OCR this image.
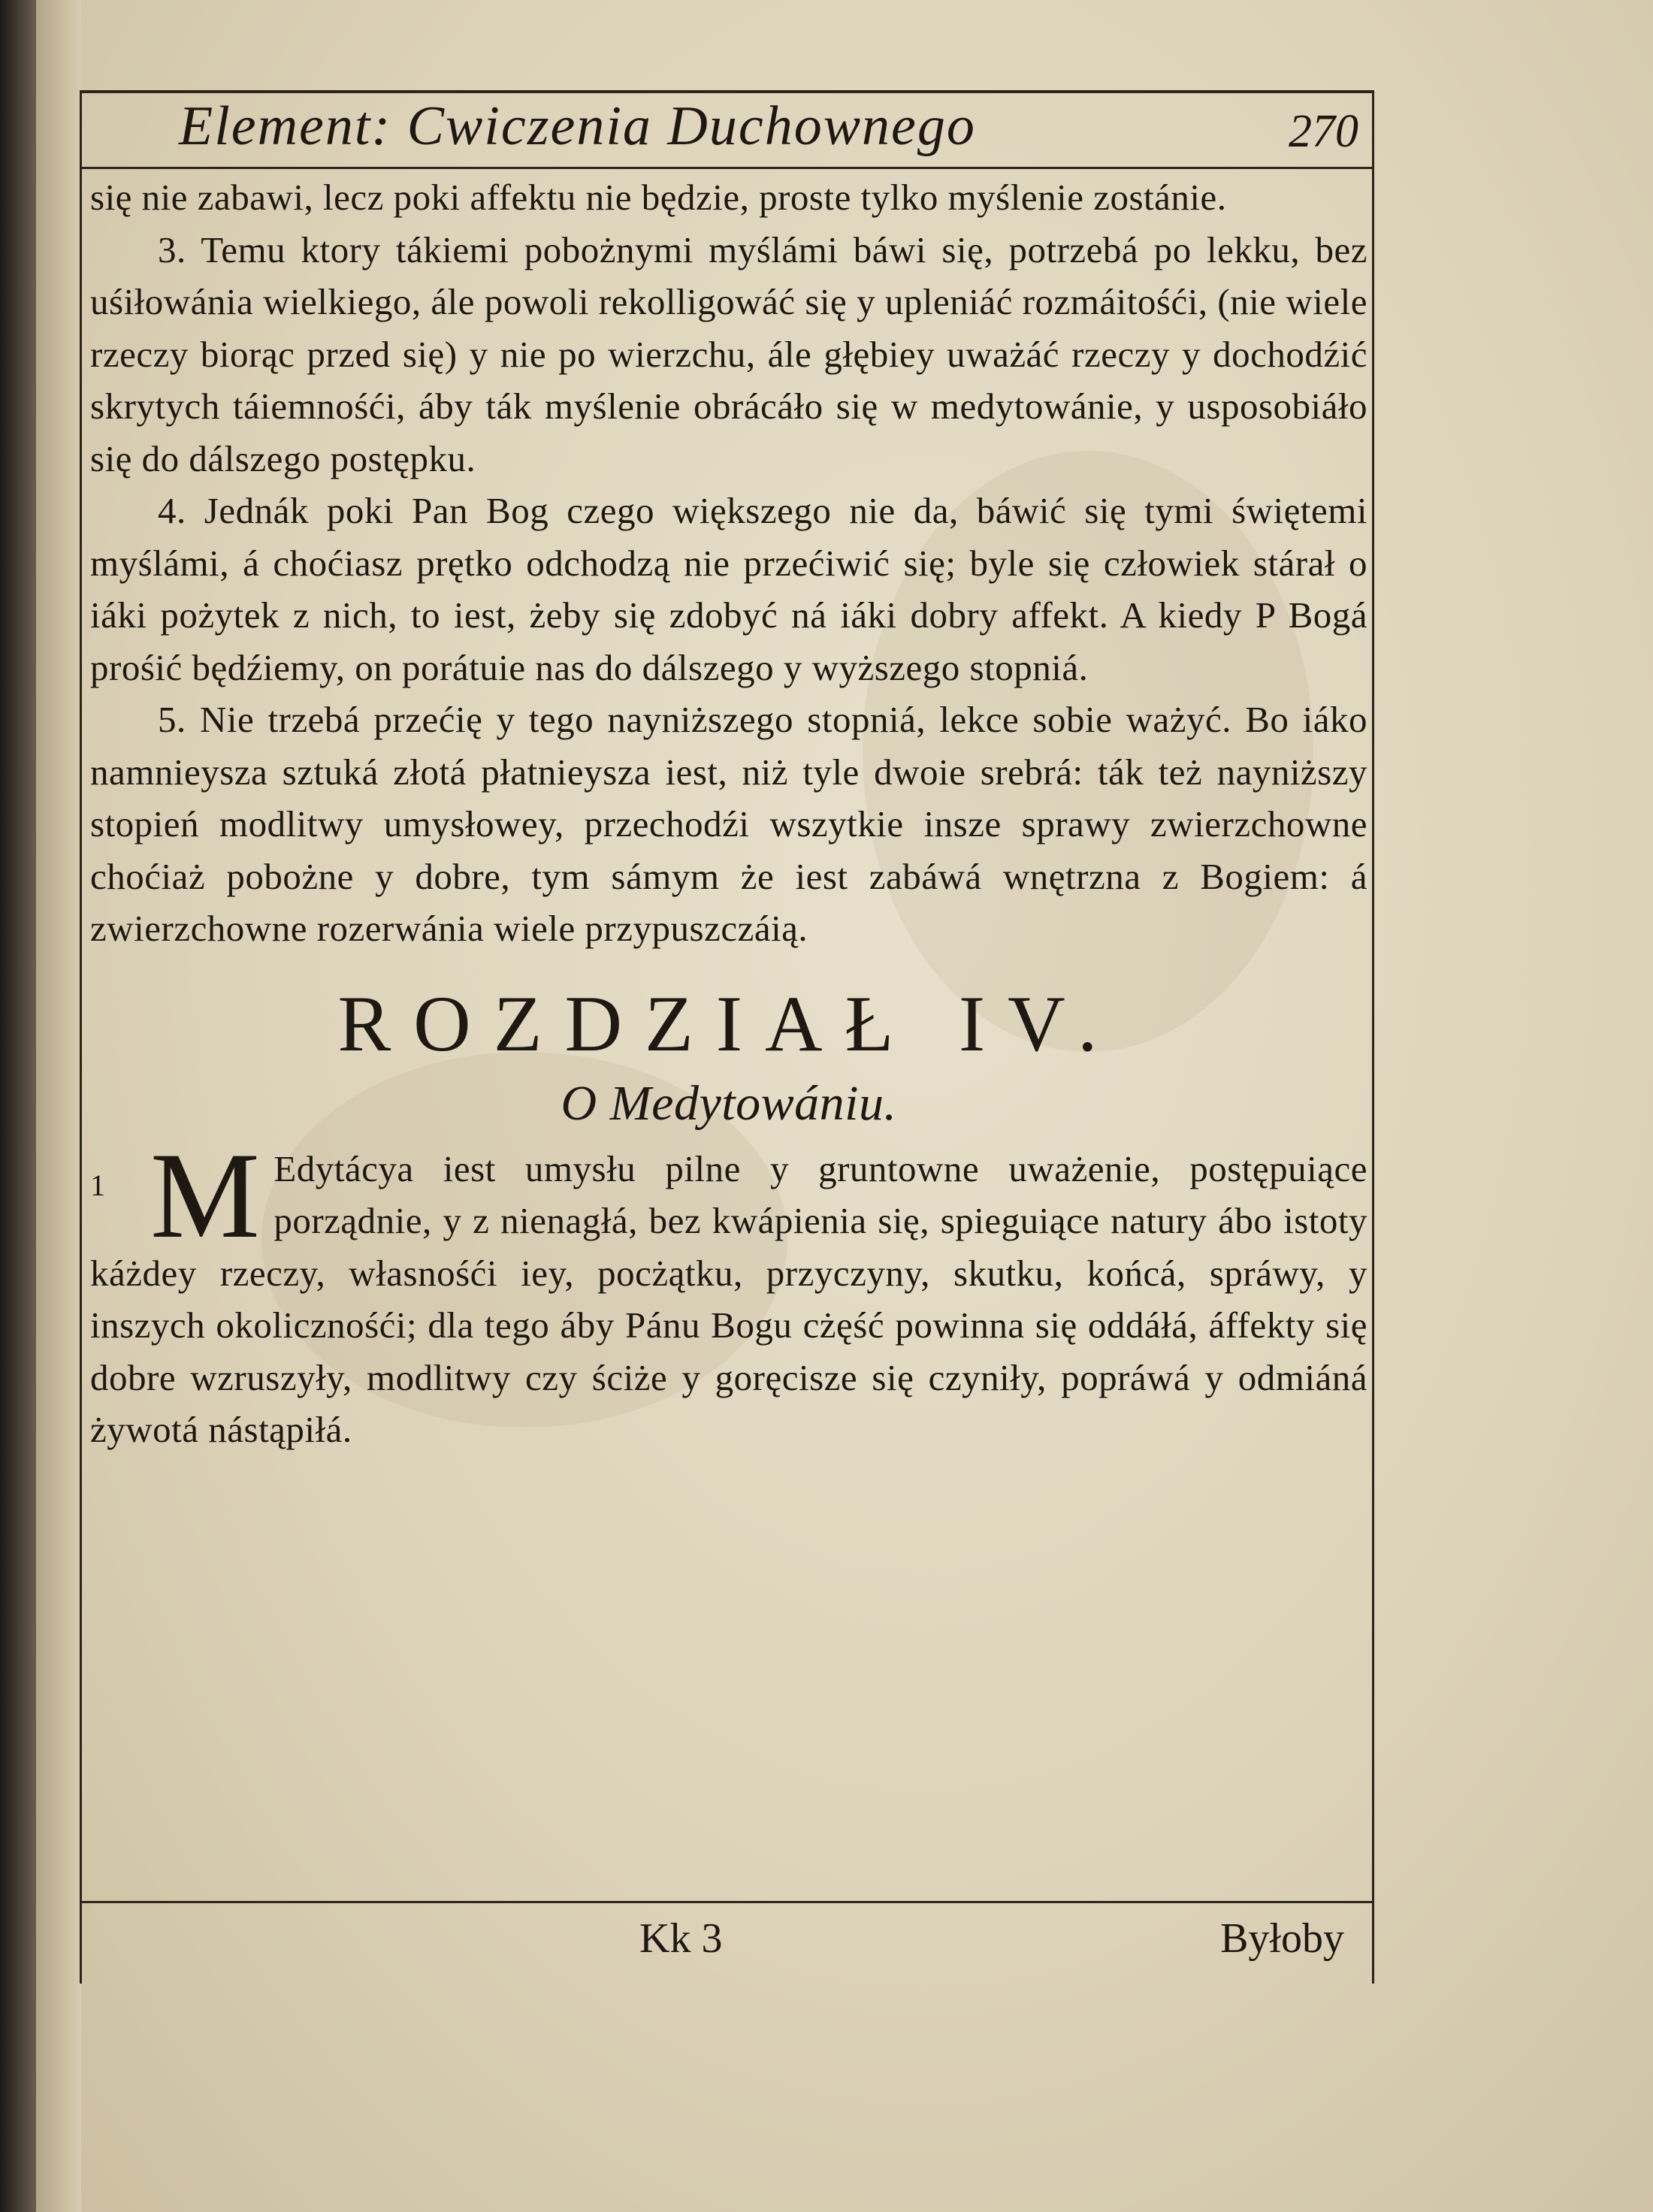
Element: Cwiczenia Duchownego	270

się nie zabawi, lecz poki affektu nie będzie, proste tylko myślenie zostánie.

3. Temu ktory tákiemi pobożnymi myślámi báwi się, potrzebá po lekku, bez uśiłowánia wielkiego, ále powoli rekolligowáć się y upleniáć rozmáitośći, (nie wiele rzeczy biorąc przed się) y nie po wierzchu, ále głębiey uważáć rzeczy y dochodźić skrytych táiemnośći, áby ták myślenie obrácáło się w medytowánie, y usposobiáło się do dálszego postępku.

4. Jednák poki Pan Bog czego większego nie da, báwić się tymi świętemi myślámi, á choćiasz prętko odchodzą nie przećiwić się; byle się człowiek stárał o iáki pożytek z nich, to iest, żeby się zdobyć ná iáki dobry affekt. A kiedy P Bogá prośić będźiemy, on porátuie nas do dálszego y wyższego stopniá.

5. Nie trzebá przećię y tego nayniższego stopniá, lekce sobie ważyć. Bo iáko namnieysza sztuká złotá płatnieysza iest, niż tyle dwoie srebrá: ták też nayniższy stopień modlitwy umysłowey, przechodźi wszytkie insze sprawy zwierzchowne choćiaż pobożne y dobre, tym sámym że iest zabáwá wnętrzna z Bogiem: á zwierzchowne rozerwánia wiele przypuszczáią.

ROZDZIAŁ IV.
O Medytowániu.
1 M Edytácya iest umysłu pilne y gruntowne uważenie, postępuiące porządnie, y z nienagłá, bez kwápienia się, spieguiące natury ábo istoty káżdey rzeczy, własnośći iey, pocżątku, przyczyny, skutku, końcá, spráwy, y inszych okolicznośći; dla tego áby Pánu Bogu cżęść powinna się oddáłá, áffekty się dobre wzruszyły, modlitwy czy ściże y goręcisze się czyniły, popráwá y odmiáná żywotá nástąpiłá.
Kk 3	Byłoby
